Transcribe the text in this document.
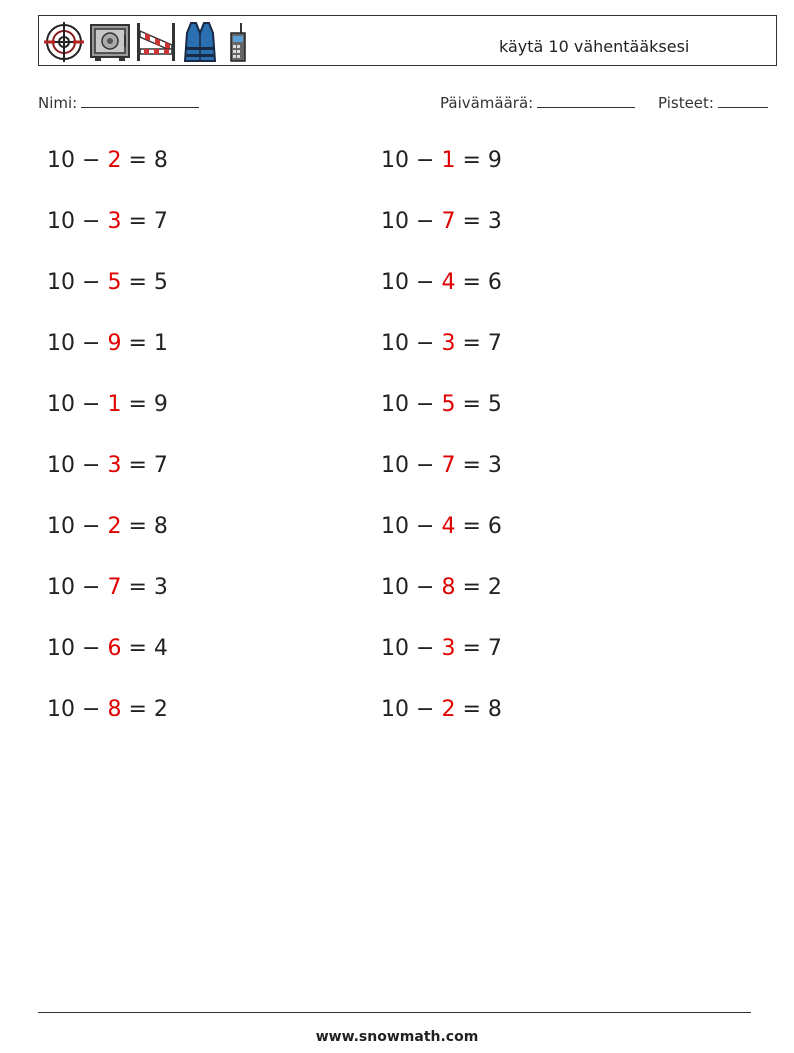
käytä 10 vähentääksesi
Nimi:	Päivämäärä:	Pisteet:
10 − 2 = 8
10 − 3 = 7
10 − 5 = 5
10 − 9 = 1
10 − 1 = 9
10 − 3 = 7
10 − 2 = 8
10 − 7 = 3
10 − 6 = 4
10 − 8 = 2
10 − 1 = 9
10 − 7 = 3
10 − 4 = 6
10 − 3 = 7
10 − 5 = 5
10 − 7 = 3
10 − 4 = 6
10 − 8 = 2
10 − 3 = 7
10 − 2 = 8
www.snowmath.com
